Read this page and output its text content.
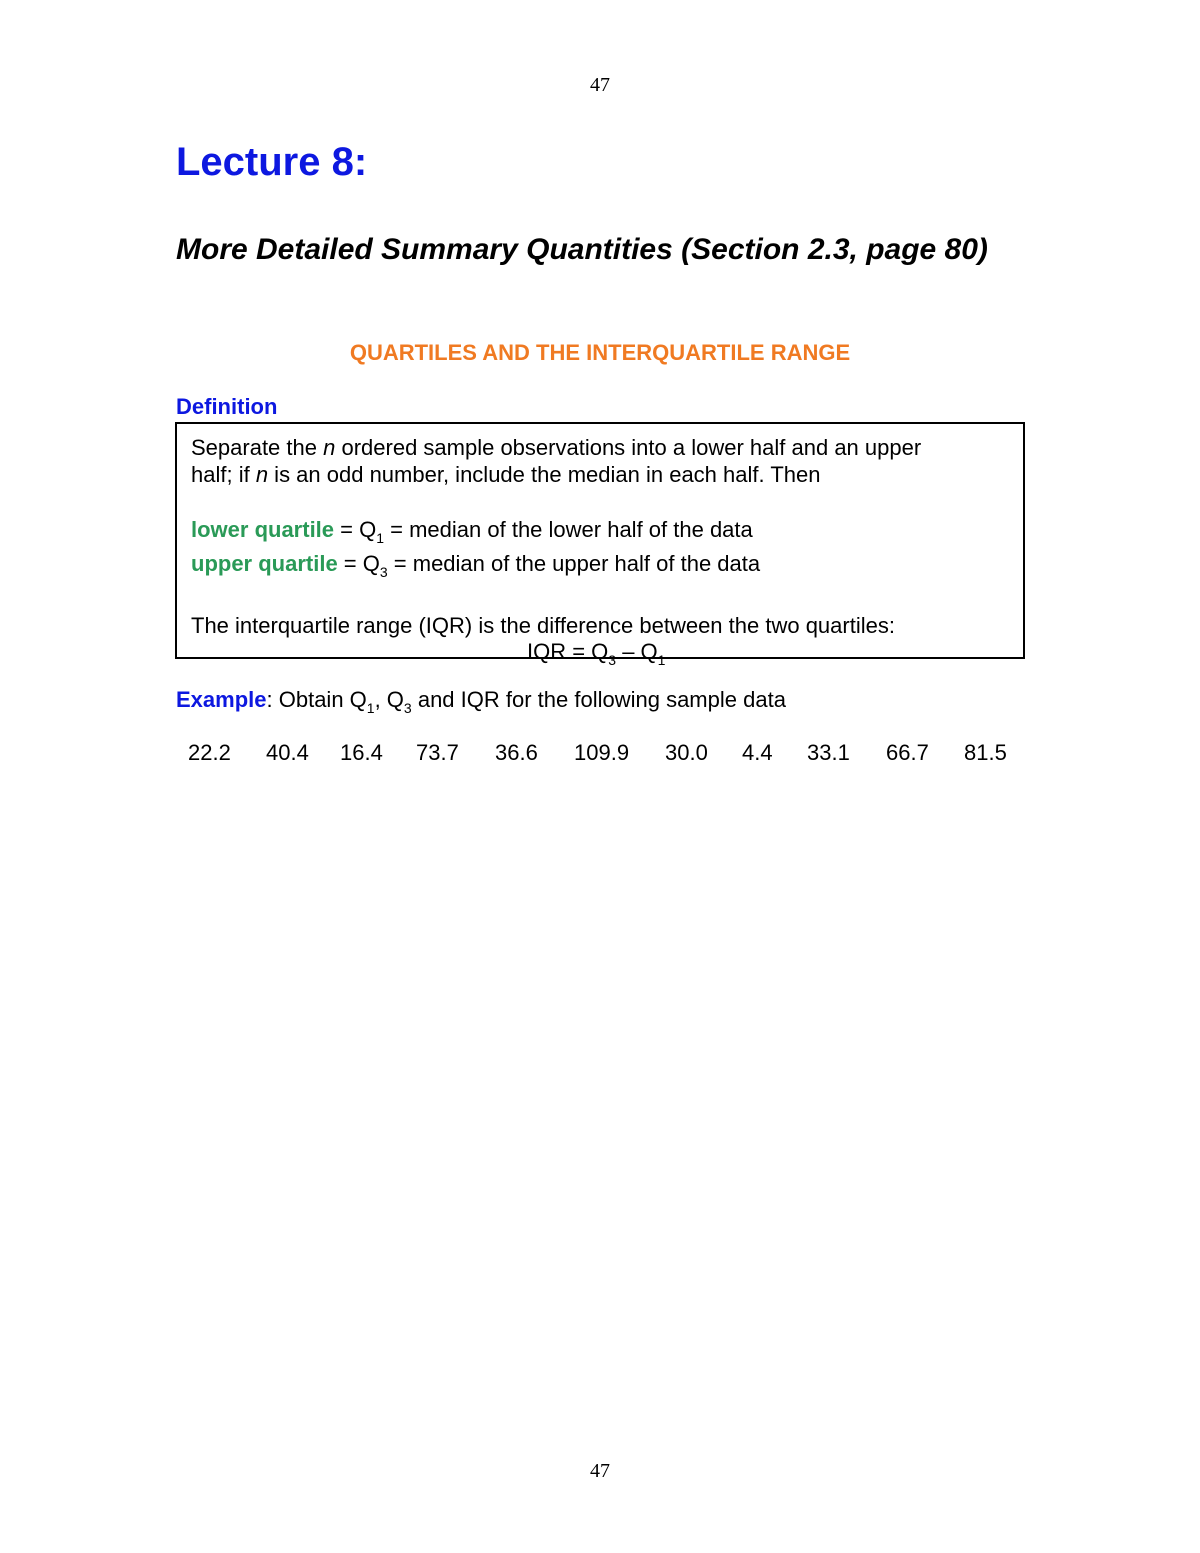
47
Lecture 8:
More Detailed Summary Quantities (Section 2.3, page 80)
QUARTILES AND THE INTERQUARTILE RANGE
Definition
Separate the n ordered sample observations into a lower half and an upper
half; if n is an odd number, include the median in each half. Then
lower quartile = $Q_1$ = median of the lower half of the data
upper quartile = $Q_3$ = median of the upper half of the data
The interquartile range (IQR) is the difference between the two quartiles:
IQR = $Q_3 - Q_1$
Example: Obtain $Q_1$, $Q_3$ and IQR for the following sample data
22.2 40.4 16.4 73.7 36.6 109.9 30.0 4.4 33.1 66.7 81.5
47
